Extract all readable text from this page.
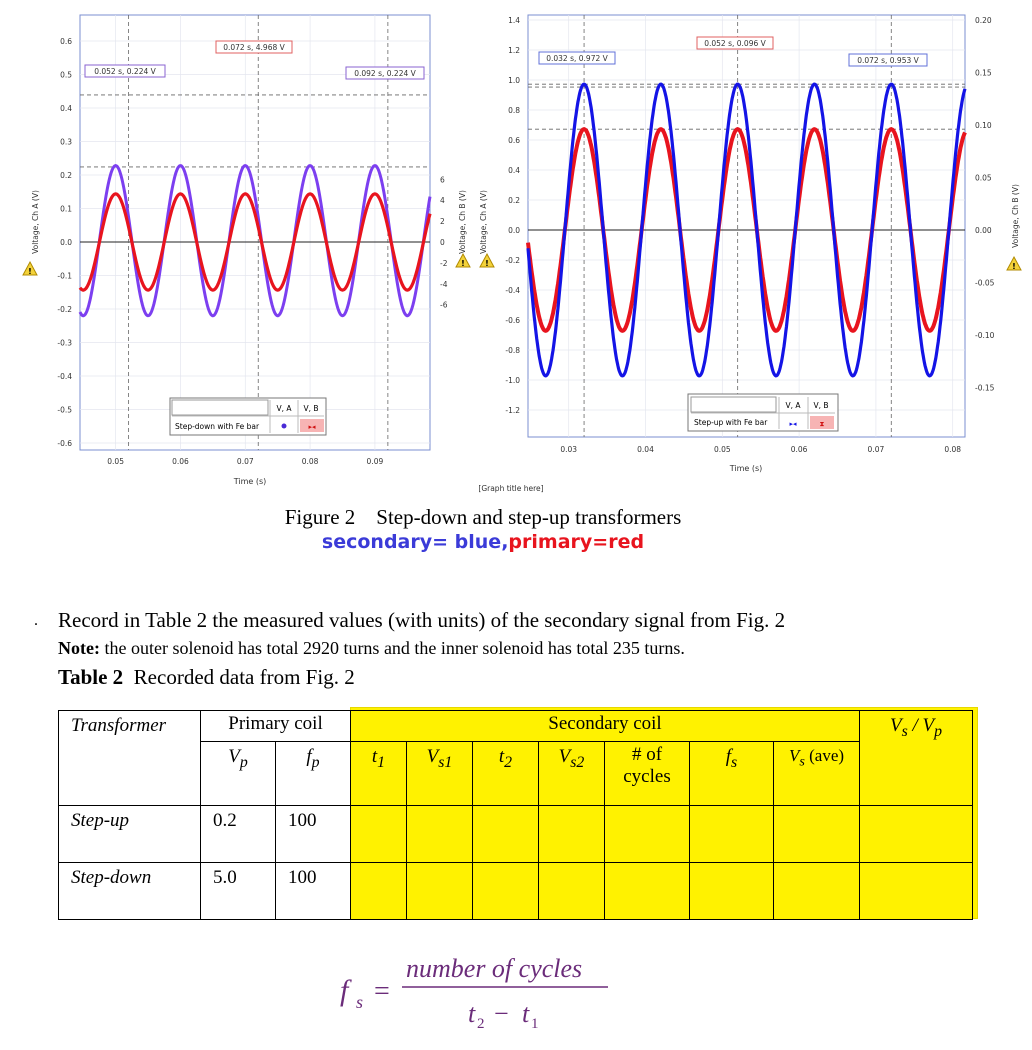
0.6
0.5
0.4
0.3
0.2
0.1
0.0
-0.1
-0.2
-0.3
-0.4
-0.5
-0.6
6
4
2
0
-2
-4
-6
0.05	0.06	0.07	0.08	0.09
0.052 s, 0.224 V
0.072 s, 4.968 V
0.092 s, 0.224 V
V, A V, B
Step-down with Fe bar	▸◂
Time (s)
Voltage, Ch A (V)	Voltage, Ch B (V)
!
!
1.4
1.2
1.0
0.8
0.6
0.4
0.2
0.0
-0.2
-0.4
-0.6
-0.8
-1.0
-1.2
0.20
0.15
0.10
0.05
0.00
-0.05
-0.10
-0.15
0.03	0.04	0.05	0.06	0.07	0.08
0.032 s, 0.972 V
0.052 s, 0.096 V
0.072 s, 0.953 V
V, A V, B
Step-up with Fe bar	▸◂	⧗
Time (s)
[Graph title here]
Voltage, Ch A (V)	Voltage, Ch B (V)
!	!
Figure 2    Step-down and step-up transformers
secondary= blue,primary=red
. Record in Table 2 the measured values (with units) of the secondary signal from Fig. 2
Note: the outer solenoid has total 2920 turns and the inner solenoid has total 235 turns.
Table 2  Recorded data from Fig. 2
Transformer	Primary coil		Secondary coil							$V_s / V_p$
	$V_p$	$f_p$	$t_1$	$V_{s1}$	$t_2$	$V_{s2}$	# of
cycles	$f_s$	$V_s$ (ave)	
Step-up	0.2	100								
Step-down	5.0	100								
f s =
number of cycles
t 2 − t 1
